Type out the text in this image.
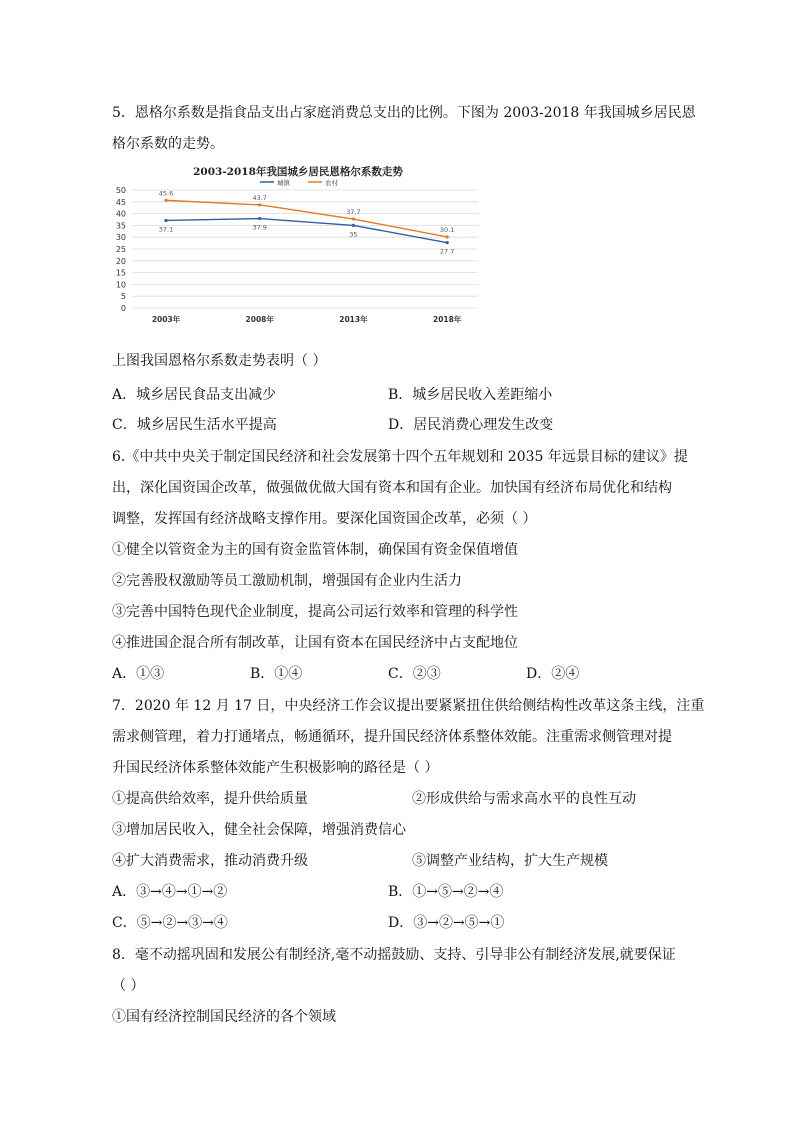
5．恩格尔系数是指食品支出占家庭消费总支出的比例。下图为 2003-2018 年我国城乡居民恩
格尔系数的走势。
2003-2018年我国城乡居民恩格尔系数走势
城镇	农村
0
5
10
15
20
25
30
35
40
45
50
2003年	2008年	2013年	2018年
37.1	37.9
35
27.7
45.6
43.7
37.7
30.1
上图我国恩格尔系数走势表明（ ）
A．城乡居民食品支出减少	B．城乡居民收入差距缩小
C．城乡居民生活水平提高	D．居民消费心理发生改变
6.《中共中央关于制定国民经济和社会发展第十四个五年规划和 2035 年远景目标的建议》提
出，深化国资国企改革，做强做优做大国有资本和国有企业。加快国有经济布局优化和结构
调整，发挥国有经济战略支撑作用。要深化国资国企改革，必须（ ）
①健全以管资金为主的国有资金监管体制，确保国有资金保值增值
②完善股权激励等员工激励机制，增强国有企业内生活力
③完善中国特色现代企业制度，提高公司运行效率和管理的科学性
④推进国企混合所有制改革，让国有资本在国民经济中占支配地位
A．①③	B．①④	C．②③	D．②④
7．2020 年 12 月 17 日，中央经济工作会议提出要紧紧扭住供给侧结构性改革这条主线，注重
需求侧管理，着力打通堵点，畅通循环，提升国民经济体系整体效能。注重需求侧管理对提
升国民经济体系整体效能产生积极影响的路径是（ ）
①提高供给效率，提升供给质量	②形成供给与需求高水平的良性互动
③增加居民收入，健全社会保障，增强消费信心
④扩大消费需求，推动消费升级	⑤调整产业结构，扩大生产规模
A．③→④→①→②	B．①→⑤→②→④
C．⑤→②→③→④	D．③→②→⑤→①
8．毫不动摇巩固和发展公有制经济,毫不动摇鼓励、支持、引导非公有制经济发展,就要保证
（ ）
①国有经济控制国民经济的各个领域
